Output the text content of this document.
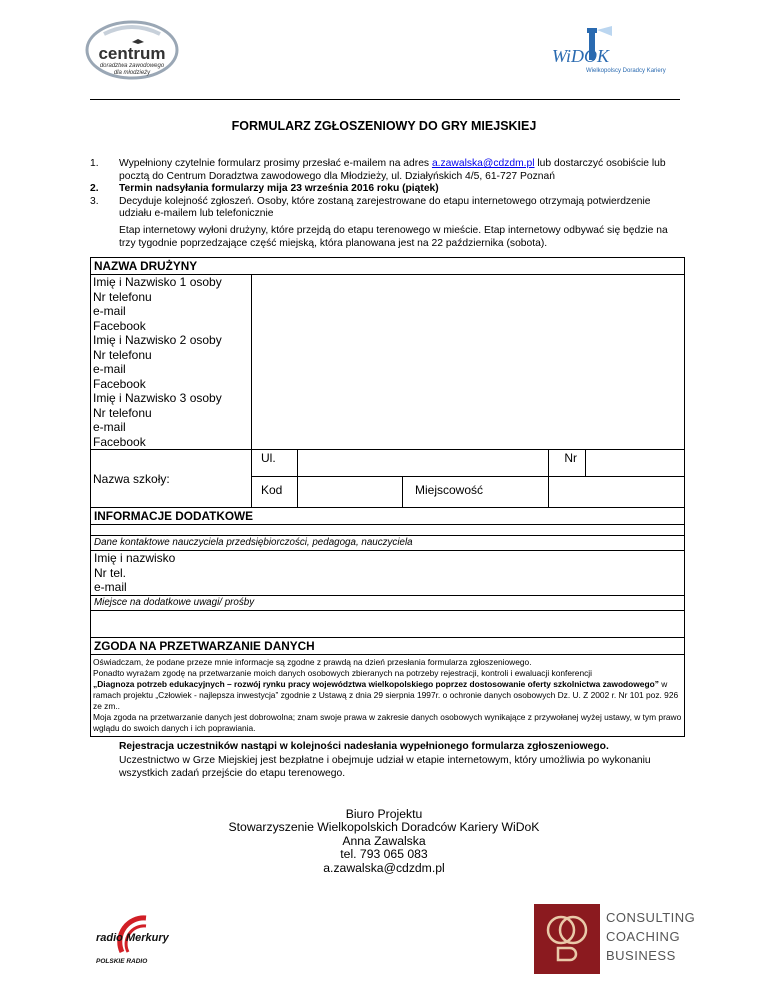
centrum
doradztwa zawodowego
dla młodzieży
WiDOK
Wielkopolscy Doradcy Kariery
FORMULARZ ZGŁOSZENIOWY DO GRY MIEJSKIEJ
1.	Wypełniony czytelnie formularz prosimy przesłać e-mailem na adres a.zawalska@cdzdm.pl lub dostarczyć osobiście lub pocztą do Centrum Doradztwa zawodowego dla Młodzieży, ul. Działyńskich 4/5, 61-727 Poznań
2.	Termin nadsyłania formularzy mija 23 września 2016 roku (piątek)
3.	Decyduje kolejność zgłoszeń. Osoby, które zostaną zarejestrowane do etapu internetowego otrzymają potwierdzenie udziału e-mailem lub telefonicznie
Etap internetowy wyłoni drużyny, które przejdą do etapu terenowego w mieście. Etap internetowy odbywać się będzie na trzy tygodnie poprzedzające część miejską, która planowana jest na 22 października (sobota).
NAZWA DRUŻYNY
Imię i Nazwisko 1 osoby
Nr telefonu
e-mail
Facebook
Imię i Nazwisko 2 osoby
Nr telefonu
e-mail
Facebook
Imię i Nazwisko 3 osoby
Nr telefonu
e-mail
Facebook
Nazwa szkoły:
Ul.	Nr
Kod	Miejscowość
INFORMACJE DODATKOWE
Dane kontaktowe nauczyciela przedsiębiorczości, pedagoga, nauczyciela
Imię i nazwisko
Nr tel.
e-mail
Miejsce na dodatkowe uwagi/ prośby
ZGODA NA PRZETWARZANIE DANYCH
Oświadczam, że podane przeze mnie informacje są zgodne z prawdą na dzień przesłania formularza zgłoszeniowego.
Ponadto wyrażam zgodę na przetwarzanie moich danych osobowych zbieranych na potrzeby rejestracji, kontroli i ewaluacji konferencji
„Diagnoza potrzeb edukacyjnych – rozwój rynku pracy województwa wielkopolskiego poprzez dostosowanie oferty szkolnictwa zawodowego” w ramach projektu „Człowiek - najlepsza inwestycja” zgodnie z Ustawą z dnia 29 sierpnia 1997r. o ochronie danych osobowych Dz. U. Z 2002 r. Nr 101 poz. 926 ze zm..
Moja zgoda na przetwarzanie danych jest dobrowolna; znam swoje prawa w zakresie danych osobowych wynikające z przywołanej wyżej ustawy, w tym prawo wglądu do swoich danych i ich poprawiania.
Rejestracja uczestników nastąpi w kolejności nadesłania wypełnionego formularza zgłoszeniowego.
Uczestnictwo w Grze Miejskiej jest bezpłatne i obejmuje udział w etapie internetowym, który umożliwia po wykonaniu wszystkich zadań przejście do etapu terenowego.
Biuro Projektu
Stowarzyszenie Wielkopolskich Doradców Kariery WiDoK
Anna Zawalska
tel. 793 065 083
a.zawalska@cdzdm.pl
radio Merkury
POLSKIE RADIO
CONSULTING
COACHING
BUSINESS
